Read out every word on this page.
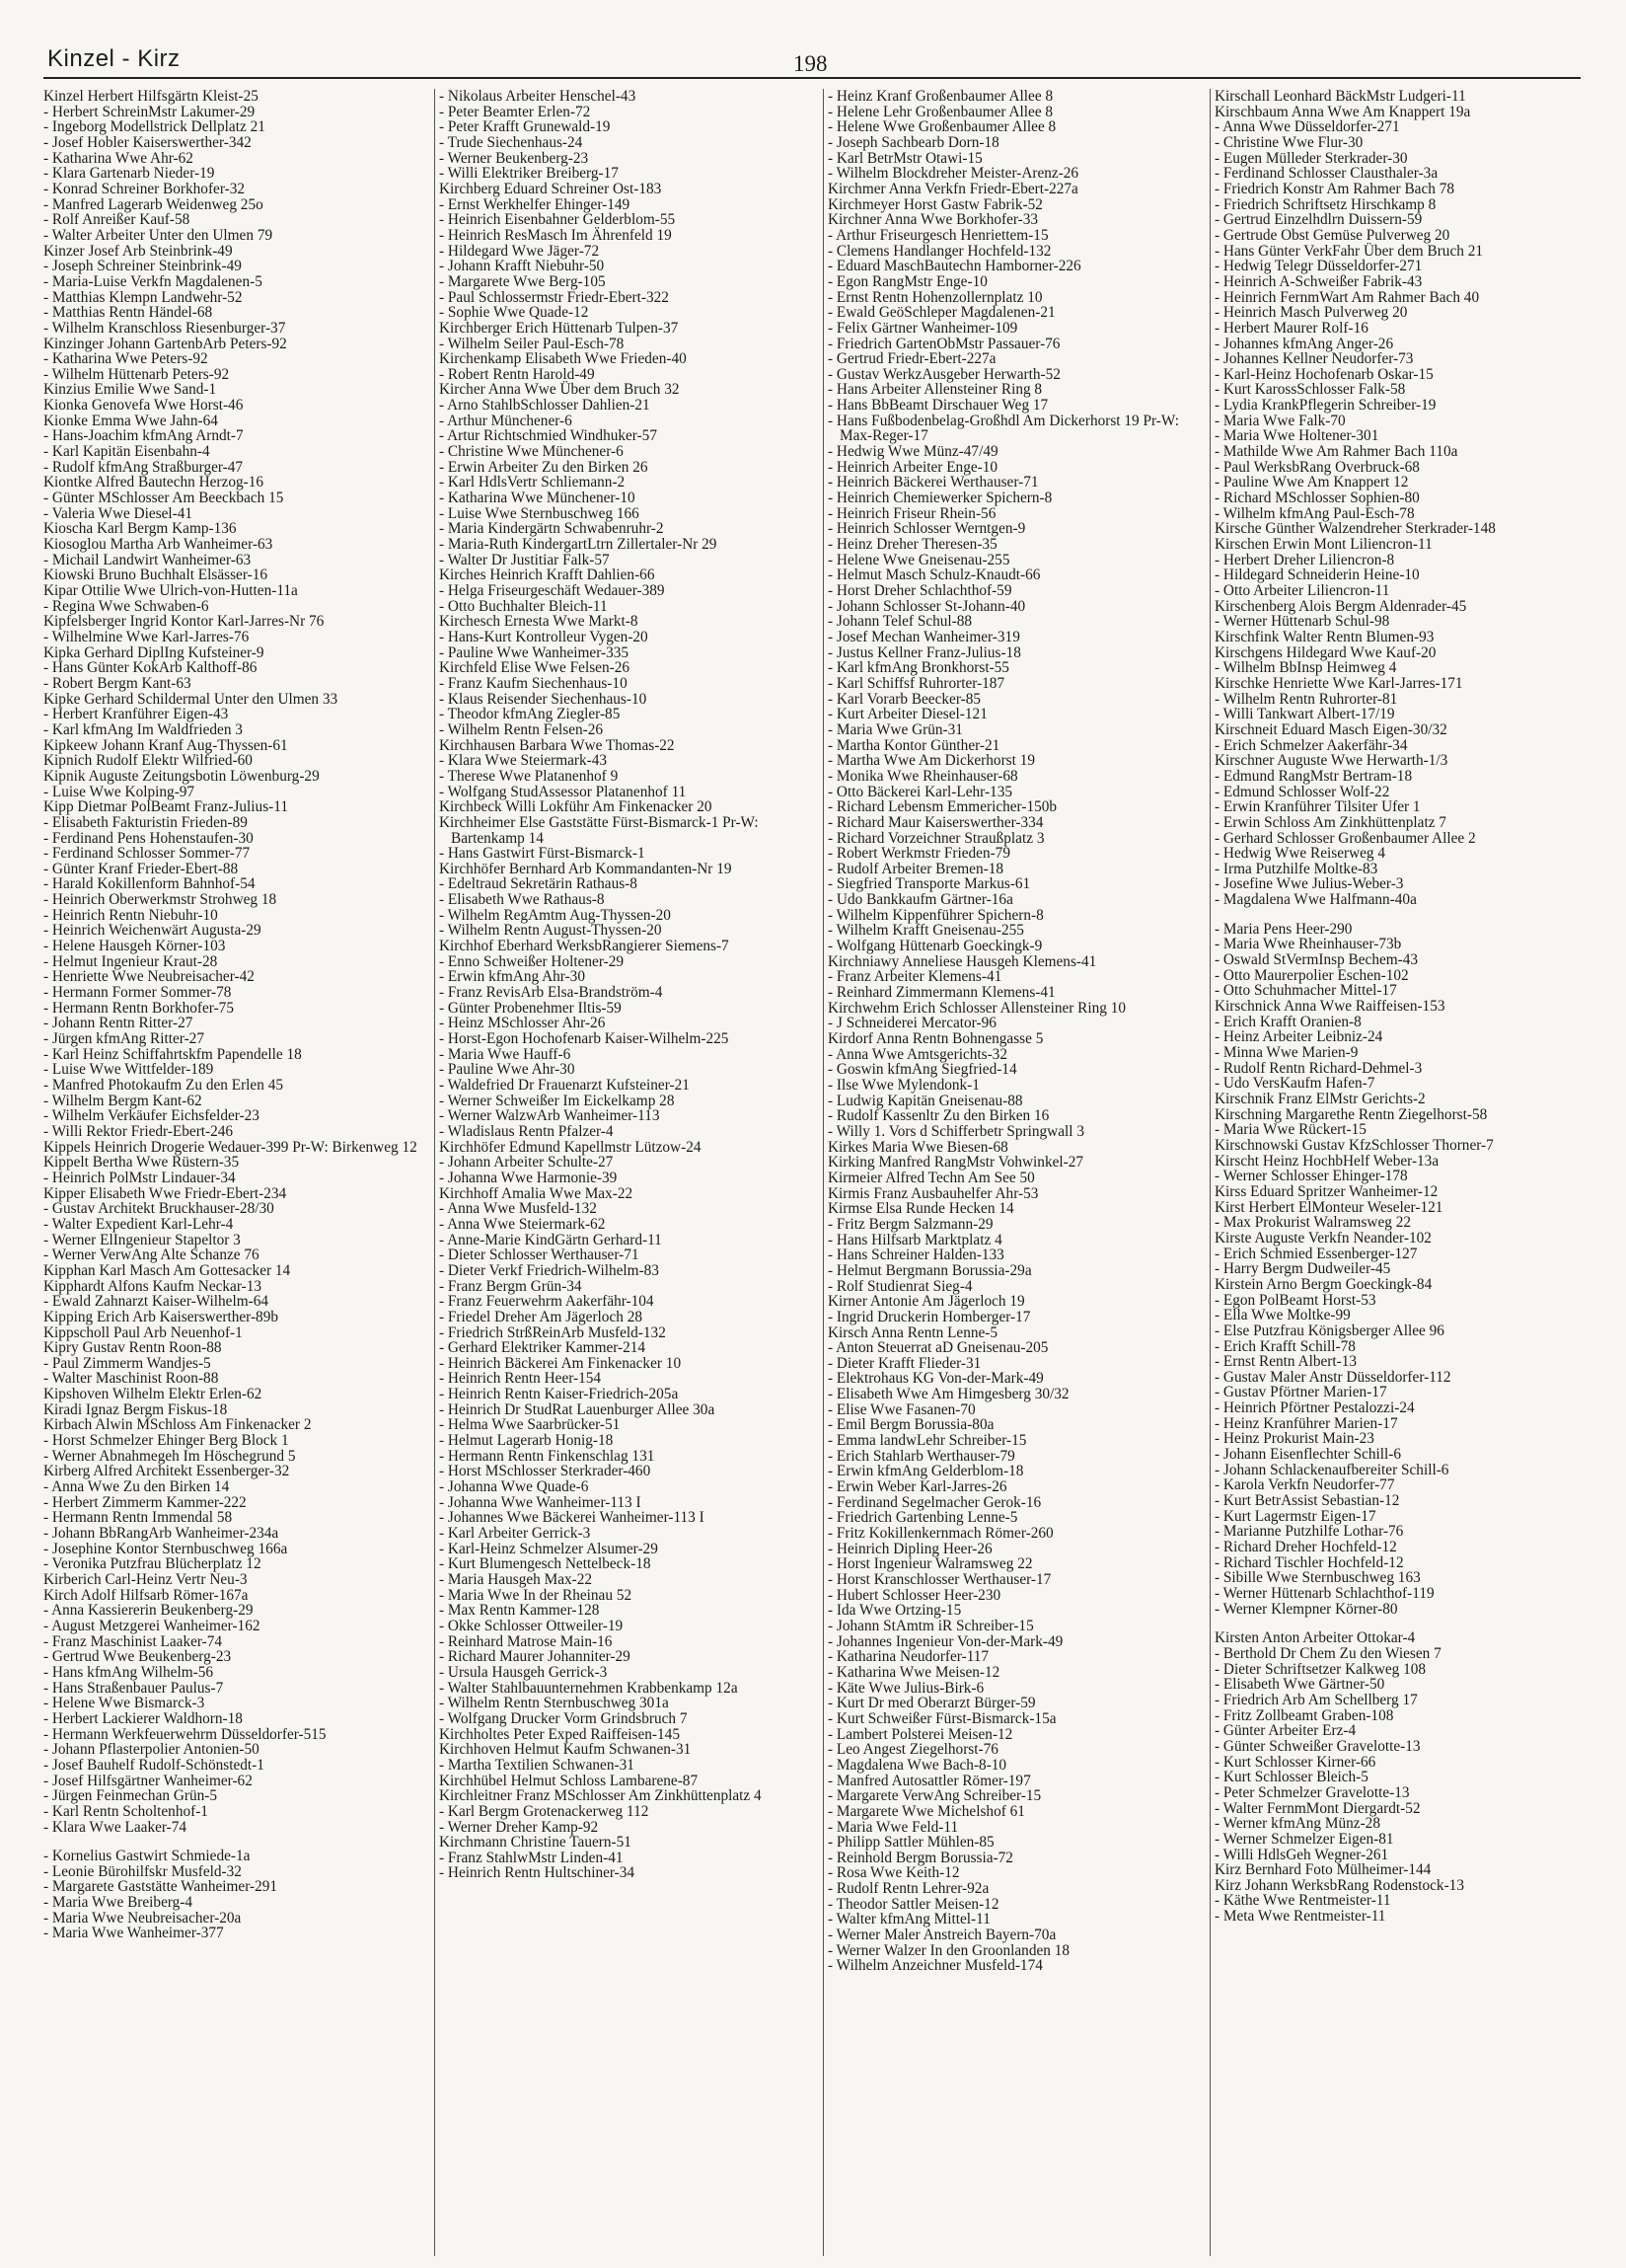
Kinzel - Kirz	198
Kinzel Herbert Hilfsgärtn Kleist-25
- Herbert SchreinMstr Lakumer-29
- Ingeborg Modellstrick Dellplatz 21
- Josef Hobler Kaiserswerther-342
- Katharina Wwe Ahr-62
- Klara Gartenarb Nieder-19
- Konrad Schreiner Borkhofer-32
- Manfred Lagerarb Weidenweg 25o
- Rolf Anreißer Kauf-58
- Walter Arbeiter Unter den Ulmen 79
Kinzer Josef Arb Steinbrink-49
- Joseph Schreiner Steinbrink-49
- Maria-Luise Verkfn Magdalenen-5
- Matthias Klempn Landwehr-52
- Matthias Rentn Händel-68
- Wilhelm Kranschloss Riesenburger-37
Kinzinger Johann GartenbArb Peters-92
- Katharina Wwe Peters-92
- Wilhelm Hüttenarb Peters-92
Kinzius Emilie Wwe Sand-1
Kionka Genovefa Wwe Horst-46
Kionke Emma Wwe Jahn-64
- Hans-Joachim kfmAng Arndt-7
- Karl Kapitän Eisenbahn-4
- Rudolf kfmAng Straßburger-47
Kiontke Alfred Bautechn Herzog-16
- Günter MSchlosser Am Beeckbach 15
- Valeria Wwe Diesel-41
Kioscha Karl Bergm Kamp-136
Kiosoglou Martha Arb Wanheimer-63
- Michail Landwirt Wanheimer-63
Kiowski Bruno Buchhalt Elsässer-16
Kipar Ottilie Wwe Ulrich-von-Hutten-11a
- Regina Wwe Schwaben-6
Kipfelsberger Ingrid Kontor Karl-Jarres-Nr 76
- Wilhelmine Wwe Karl-Jarres-76
Kipka Gerhard DiplIng Kufsteiner-9
- Hans Günter KokArb Kalthoff-86
- Robert Bergm Kant-63
Kipke Gerhard Schildermal Unter den Ulmen 33
- Herbert Kranführer Eigen-43
- Karl kfmAng Im Waldfrieden 3
Kipkeew Johann Kranf Aug-Thyssen-61
Kipnich Rudolf Elektr Wilfried-60
Kipnik Auguste Zeitungsbotin Löwenburg-29
- Luise Wwe Kolping-97
Kipp Dietmar PolBeamt Franz-Julius-11
- Elisabeth Fakturistin Frieden-89
- Ferdinand Pens Hohenstaufen-30
- Ferdinand Schlosser Sommer-77
- Günter Kranf Frieder-Ebert-88
- Harald Kokillenform Bahnhof-54
- Heinrich Oberwerkmstr Strohweg 18
- Heinrich Rentn Niebuhr-10
- Heinrich Weichenwärt Augusta-29
- Helene Hausgeh Körner-103
- Helmut Ingenieur Kraut-28
- Henriette Wwe Neubreisacher-42
- Hermann Former Sommer-78
- Hermann Rentn Borkhofer-75
- Johann Rentn Ritter-27
- Jürgen kfmAng Ritter-27
- Karl Heinz Schiffahrtskfm Papendelle 18
- Luise Wwe Wittfelder-189
- Manfred Photokaufm Zu den Erlen 45
- Wilhelm Bergm Kant-62
- Wilhelm Verkäufer Eichsfelder-23
- Willi Rektor Friedr-Ebert-246
Kippels Heinrich Drogerie Wedauer-399 Pr-W: Birkenweg 12
Kippelt Bertha Wwe Rüstern-35
- Heinrich PolMstr Lindauer-34
Kipper Elisabeth Wwe Friedr-Ebert-234
- Gustav Architekt Bruckhauser-28/30
- Walter Expedient Karl-Lehr-4
- Werner ElIngenieur Stapeltor 3
- Werner VerwAng Alte Schanze 76
Kipphan Karl Masch Am Gottesacker 14
Kipphardt Alfons Kaufm Neckar-13
- Ewald Zahnarzt Kaiser-Wilhelm-64
Kipping Erich Arb Kaiserswerther-89b
Kippscholl Paul Arb Neuenhof-1
Kipry Gustav Rentn Roon-88
- Paul Zimmerm Wandjes-5
- Walter Maschinist Roon-88
Kipshoven Wilhelm Elektr Erlen-62
Kiradi Ignaz Bergm Fiskus-18
Kirbach Alwin MSchloss Am Finkenacker 2
- Horst Schmelzer Ehinger Berg Block 1
- Werner Abnahmegeh Im Höschegrund 5
Kirberg Alfred Architekt Essenberger-32
- Anna Wwe Zu den Birken 14
- Herbert Zimmerm Kammer-222
- Hermann Rentn Immendal 58
- Johann BbRangArb Wanheimer-234a
- Josephine Kontor Sternbuschweg 166a
- Veronika Putzfrau Blücherplatz 12
Kirberich Carl-Heinz Vertr Neu-3
Kirch Adolf Hilfsarb Römer-167a
- Anna Kassiererin Beukenberg-29
- August Metzgerei Wanheimer-162
- Franz Maschinist Laaker-74
- Gertrud Wwe Beukenberg-23
- Hans kfmAng Wilhelm-56
- Hans Straßenbauer Paulus-7
- Helene Wwe Bismarck-3
- Herbert Lackierer Waldhorn-18
- Hermann Werkfeuerwehrm Düsseldorfer-515
- Johann Pflasterpolier Antonien-50
- Josef Bauhelf Rudolf-Schönstedt-1
- Josef Hilfsgärtner Wanheimer-62
- Jürgen Feinmechan Grün-5
- Karl Rentn Scholtenhof-1
- Klara Wwe Laaker-74
- Kornelius Gastwirt Schmiede-1a
- Leonie Bürohilfskr Musfeld-32
- Margarete Gaststätte Wanheimer-291
- Maria Wwe Breiberg-4
- Maria Wwe Neubreisacher-20a
- Maria Wwe Wanheimer-377
- Nikolaus Arbeiter Henschel-43
- Peter Beamter Erlen-72
- Peter Krafft Grunewald-19
- Trude Siechenhaus-24
- Werner Beukenberg-23
- Willi Elektriker Breiberg-17
Kirchberg Eduard Schreiner Ost-183
- Ernst Werkhelfer Ehinger-149
- Heinrich Eisenbahner Gelderblom-55
- Heinrich ResMasch Im Ährenfeld 19
- Hildegard Wwe Jäger-72
- Johann Krafft Niebuhr-50
- Margarete Wwe Berg-105
- Paul Schlossermstr Friedr-Ebert-322
- Sophie Wwe Quade-12
Kirchberger Erich Hüttenarb Tulpen-37
- Wilhelm Seiler Paul-Esch-78
Kirchenkamp Elisabeth Wwe Frieden-40
- Robert Rentn Harold-49
Kircher Anna Wwe Über dem Bruch 32
- Arno StahlbSchlosser Dahlien-21
- Arthur Münchener-6
- Artur Richtschmied Windhuker-57
- Christine Wwe Münchener-6
- Erwin Arbeiter Zu den Birken 26
- Karl HdlsVertr Schliemann-2
- Katharina Wwe Münchener-10
- Luise Wwe Sternbuschweg 166
- Maria Kindergärtn Schwabenruhr-2
- Maria-Ruth KindergartLtrn Zillertaler-Nr 29
- Walter Dr Justitiar Falk-57
Kirches Heinrich Krafft Dahlien-66
- Helga Friseurgeschäft Wedauer-389
- Otto Buchhalter Bleich-11
Kirchesch Ernesta Wwe Markt-8
- Hans-Kurt Kontrolleur Vygen-20
- Pauline Wwe Wanheimer-335
Kirchfeld Elise Wwe Felsen-26
- Franz Kaufm Siechenhaus-10
- Klaus Reisender Siechenhaus-10
- Theodor kfmAng Ziegler-85
- Wilhelm Rentn Felsen-26
Kirchhausen Barbara Wwe Thomas-22
- Klara Wwe Steiermark-43
- Therese Wwe Platanenhof 9
- Wolfgang StudAssessor Platanenhof 11
Kirchbeck Willi Lokführ Am Finkenacker 20
Kirchheimer Else Gaststätte Fürst-Bismarck-1 Pr-W: Bartenkamp 14
- Hans Gastwirt Fürst-Bismarck-1
Kirchhöfer Bernhard Arb Kommandanten-Nr 19
- Edeltraud Sekretärin Rathaus-8
- Elisabeth Wwe Rathaus-8
- Wilhelm RegAmtm Aug-Thyssen-20
- Wilhelm Rentn August-Thyssen-20
Kirchhof Eberhard WerksbRangierer Siemens-7
- Enno Schweißer Holtener-29
- Erwin kfmAng Ahr-30
- Franz RevisArb Elsa-Brandström-4
- Günter Probenehmer Iltis-59
- Heinz MSchlosser Ahr-26
- Horst-Egon Hochofenarb Kaiser-Wilhelm-225
- Maria Wwe Hauff-6
- Pauline Wwe Ahr-30
- Waldefried Dr Frauenarzt Kufsteiner-21
- Werner Schweißer Im Eickelkamp 28
- Werner WalzwArb Wanheimer-113
- Wladislaus Rentn Pfalzer-4
Kirchhöfer Edmund Kapellmstr Lützow-24
- Johann Arbeiter Schulte-27
- Johanna Wwe Harmonie-39
Kirchhoff Amalia Wwe Max-22
- Anna Wwe Musfeld-132
- Anna Wwe Steiermark-62
- Anne-Marie KindGärtn Gerhard-11
- Dieter Schlosser Werthauser-71
- Dieter Verkf Friedrich-Wilhelm-83
- Franz Bergm Grün-34
- Franz Feuerwehrm Aakerfähr-104
- Friedel Dreher Am Jägerloch 28
- Friedrich StrßReinArb Musfeld-132
- Gerhard Elektriker Kammer-214
- Heinrich Bäckerei Am Finkenacker 10
- Heinrich Rentn Heer-154
- Heinrich Rentn Kaiser-Friedrich-205a
- Heinrich Dr StudRat Lauenburger Allee 30a
- Helma Wwe Saarbrücker-51
- Helmut Lagerarb Honig-18
- Hermann Rentn Finkenschlag 131
- Horst MSchlosser Sterkrader-460
- Johanna Wwe Quade-6
- Johanna Wwe Wanheimer-113 I
- Johannes Wwe Bäckerei Wanheimer-113 I
- Karl Arbeiter Gerrick-3
- Karl-Heinz Schmelzer Alsumer-29
- Kurt Blumengesch Nettelbeck-18
- Maria Hausgeh Max-22
- Maria Wwe In der Rheinau 52
- Max Rentn Kammer-128
- Okke Schlosser Ottweiler-19
- Reinhard Matrose Main-16
- Richard Maurer Johanniter-29
- Ursula Hausgeh Gerrick-3
- Walter Stahlbauunternehmen Krabbenkamp 12a
- Wilhelm Rentn Sternbuschweg 301a
- Wolfgang Drucker Vorm Grindsbruch 7
Kirchholtes Peter Exped Raiffeisen-145
Kirchhoven Helmut Kaufm Schwanen-31
- Martha Textilien Schwanen-31
Kirchhübel Helmut Schloss Lambarene-87
Kirchleitner Franz MSchlosser Am Zinkhüttenplatz 4
- Karl Bergm Grotenackerweg 112
- Werner Dreher Kamp-92
Kirchmann Christine Tauern-51
- Franz StahlwMstr Linden-41
- Heinrich Rentn Hultschiner-34
- Heinz Kranf Großenbaumer Allee 8
- Helene Lehr Großenbaumer Allee 8
- Helene Wwe Großenbaumer Allee 8
- Joseph Sachbearb Dorn-18
- Karl BetrMstr Otawi-15
- Wilhelm Blockdreher Meister-Arenz-26
Kirchmer Anna Verkfn Friedr-Ebert-227a
Kirchmeyer Horst Gastw Fabrik-52
Kirchner Anna Wwe Borkhofer-33
- Arthur Friseurgesch Henriettem-15
- Clemens Handlanger Hochfeld-132
- Eduard MaschBautechn Hamborner-226
- Egon RangMstr Enge-10
- Ernst Rentn Hohenzollernplatz 10
- Ewald GeöSchleper Magdalenen-21
- Felix Gärtner Wanheimer-109
- Friedrich GartenObMstr Passauer-76
- Gertrud Friedr-Ebert-227a
- Gustav WerkzAusgeber Herwarth-52
- Hans Arbeiter Allensteiner Ring 8
- Hans BbBeamt Dirschauer Weg 17
- Hans Fußbodenbelag-Großhdl Am Dickerhorst 19 Pr-W: Max-Reger-17
- Hedwig Wwe Münz-47/49
- Heinrich Arbeiter Enge-10
- Heinrich Bäckerei Werthauser-71
- Heinrich Chemiewerker Spichern-8
- Heinrich Friseur Rhein-56
- Heinrich Schlosser Werntgen-9
- Heinz Dreher Theresen-35
- Helene Wwe Gneisenau-255
- Helmut Masch Schulz-Knaudt-66
- Horst Dreher Schlachthof-59
- Johann Schlosser St-Johann-40
- Johann Telef Schul-88
- Josef Mechan Wanheimer-319
- Justus Kellner Franz-Julius-18
- Karl kfmAng Bronkhorst-55
- Karl Schiffsf Ruhrorter-187
- Karl Vorarb Beecker-85
- Kurt Arbeiter Diesel-121
- Maria Wwe Grün-31
- Martha Kontor Günther-21
- Martha Wwe Am Dickerhorst 19
- Monika Wwe Rheinhauser-68
- Otto Bäckerei Karl-Lehr-135
- Richard Lebensm Emmericher-150b
- Richard Maur Kaiserswerther-334
- Richard Vorzeichner Straußplatz 3
- Robert Werkmstr Frieden-79
- Rudolf Arbeiter Bremen-18
- Siegfried Transporte Markus-61
- Udo Bankkaufm Gärtner-16a
- Wilhelm Kippenführer Spichern-8
- Wilhelm Krafft Gneisenau-255
- Wolfgang Hüttenarb Goeckingk-9
Kirchniawy Anneliese Hausgeh Klemens-41
- Franz Arbeiter Klemens-41
- Reinhard Zimmermann Klemens-41
Kirchwehm Erich Schlosser Allensteiner Ring 10
- J Schneiderei Mercator-96
Kirdorf Anna Rentn Bohnengasse 5
- Anna Wwe Amtsgerichts-32
- Goswin kfmAng Siegfried-14
- Ilse Wwe Mylendonk-1
- Ludwig Kapitän Gneisenau-88
- Rudolf Kassenltr Zu den Birken 16
- Willy 1. Vors d Schifferbetr Springwall 3
Kirkes Maria Wwe Biesen-68
Kirking Manfred RangMstr Vohwinkel-27
Kirmeier Alfred Techn Am See 50
Kirmis Franz Ausbauhelfer Ahr-53
Kirmse Elsa Runde Hecken 14
- Fritz Bergm Salzmann-29
- Hans Hilfsarb Marktplatz 4
- Hans Schreiner Halden-133
- Helmut Bergmann Borussia-29a
- Rolf Studienrat Sieg-4
Kirner Antonie Am Jägerloch 19
- Ingrid Druckerin Homberger-17
Kirsch Anna Rentn Lenne-5
- Anton Steuerrat aD Gneisenau-205
- Dieter Krafft Flieder-31
- Elektrohaus KG Von-der-Mark-49
- Elisabeth Wwe Am Himgesberg 30/32
- Elise Wwe Fasanen-70
- Emil Bergm Borussia-80a
- Emma landwLehr Schreiber-15
- Erich Stahlarb Werthauser-79
- Erwin kfmAng Gelderblom-18
- Erwin Weber Karl-Jarres-26
- Ferdinand Segelmacher Gerok-16
- Friedrich Gartenbing Lenne-5
- Fritz Kokillenkernmach Römer-260
- Heinrich Dipling Heer-26
- Horst Ingenieur Walramsweg 22
- Horst Kranschlosser Werthauser-17
- Hubert Schlosser Heer-230
- Ida Wwe Ortzing-15
- Johann StAmtm iR Schreiber-15
- Johannes Ingenieur Von-der-Mark-49
- Katharina Neudorfer-117
- Katharina Wwe Meisen-12
- Käte Wwe Julius-Birk-6
- Kurt Dr med Oberarzt Bürger-59
- Kurt Schweißer Fürst-Bismarck-15a
- Lambert Polsterei Meisen-12
- Leo Angest Ziegelhorst-76
- Magdalena Wwe Bach-8-10
- Manfred Autosattler Römer-197
- Margarete VerwAng Schreiber-15
- Margarete Wwe Michelshof 61
- Maria Wwe Feld-11
- Philipp Sattler Mühlen-85
- Reinhold Bergm Borussia-72
- Rosa Wwe Keith-12
- Rudolf Rentn Lehrer-92a
- Theodor Sattler Meisen-12
- Walter kfmAng Mittel-11
- Werner Maler Anstreich Bayern-70a
- Werner Walzer In den Groonlanden 18
- Wilhelm Anzeichner Musfeld-174
Kirschall Leonhard BäckMstr Ludgeri-11
Kirschbaum Anna Wwe Am Knappert 19a
- Anna Wwe Düsseldorfer-271
- Christine Wwe Flur-30
- Eugen Mülleder Sterkrader-30
- Ferdinand Schlosser Clausthaler-3a
- Friedrich Konstr Am Rahmer Bach 78
- Friedrich Schriftsetz Hirschkamp 8
- Gertrud Einzelhdlrn Duissern-59
- Gertrude Obst Gemüse Pulverweg 20
- Hans Günter VerkFahr Über dem Bruch 21
- Hedwig Telegr Düsseldorfer-271
- Heinrich A-Schweißer Fabrik-43
- Heinrich FernmWart Am Rahmer Bach 40
- Heinrich Masch Pulverweg 20
- Herbert Maurer Rolf-16
- Johannes kfmAng Anger-26
- Johannes Kellner Neudorfer-73
- Karl-Heinz Hochofenarb Oskar-15
- Kurt KarossSchlosser Falk-58
- Lydia KrankPflegerin Schreiber-19
- Maria Wwe Falk-70
- Maria Wwe Holtener-301
- Mathilde Wwe Am Rahmer Bach 110a
- Paul WerksbRang Overbruck-68
- Pauline Wwe Am Knappert 12
- Richard MSchlosser Sophien-80
- Wilhelm kfmAng Paul-Esch-78
Kirsche Günther Walzendreher Sterkrader-148
Kirschen Erwin Mont Liliencron-11
- Herbert Dreher Liliencron-8
- Hildegard Schneiderin Heine-10
- Otto Arbeiter Liliencron-11
Kirschenberg Alois Bergm Aldenrader-45
- Werner Hüttenarb Schul-98
Kirschfink Walter Rentn Blumen-93
Kirschgens Hildegard Wwe Kauf-20
- Wilhelm BbInsp Heimweg 4
Kirschke Henriette Wwe Karl-Jarres-171
- Wilhelm Rentn Ruhrorter-81
- Willi Tankwart Albert-17/19
Kirschneit Eduard Masch Eigen-30/32
- Erich Schmelzer Aakerfähr-34
Kirschner Auguste Wwe Herwarth-1/3
- Edmund RangMstr Bertram-18
- Edmund Schlosser Wolf-22
- Erwin Kranführer Tilsiter Ufer 1
- Erwin Schloss Am Zinkhüttenplatz 7
- Gerhard Schlosser Großenbaumer Allee 2
- Hedwig Wwe Reiserweg 4
- Irma Putzhilfe Moltke-83
- Josefine Wwe Julius-Weber-3
- Magdalena Wwe Halfmann-40a
- Maria Pens Heer-290
- Maria Wwe Rheinhauser-73b
- Oswald StVermInsp Bechem-43
- Otto Maurerpolier Eschen-102
- Otto Schuhmacher Mittel-17
Kirschnick Anna Wwe Raiffeisen-153
- Erich Krafft Oranien-8
- Heinz Arbeiter Leibniz-24
- Minna Wwe Marien-9
- Rudolf Rentn Richard-Dehmel-3
- Udo VersKaufm Hafen-7
Kirschnik Franz ElMstr Gerichts-2
Kirschning Margarethe Rentn Ziegelhorst-58
- Maria Wwe Rückert-15
Kirschnowski Gustav KfzSchlosser Thorner-7
Kirscht Heinz HochbHelf Weber-13a
- Werner Schlosser Ehinger-178
Kirss Eduard Spritzer Wanheimer-12
Kirst Herbert ElMonteur Weseler-121
- Max Prokurist Walramsweg 22
Kirste Auguste Verkfn Neander-102
- Erich Schmied Essenberger-127
- Harry Bergm Dudweiler-45
Kirstein Arno Bergm Goeckingk-84
- Egon PolBeamt Horst-53
- Ella Wwe Moltke-99
- Else Putzfrau Königsberger Allee 96
- Erich Krafft Schill-78
- Ernst Rentn Albert-13
- Gustav Maler Anstr Düsseldorfer-112
- Gustav Pförtner Marien-17
- Heinrich Pförtner Pestalozzi-24
- Heinz Kranführer Marien-17
- Heinz Prokurist Main-23
- Johann Eisenflechter Schill-6
- Johann Schlackenaufbereiter Schill-6
- Karola Verkfn Neudorfer-77
- Kurt BetrAssist Sebastian-12
- Kurt Lagermstr Eigen-17
- Marianne Putzhilfe Lothar-76
- Richard Dreher Hochfeld-12
- Richard Tischler Hochfeld-12
- Sibille Wwe Sternbuschweg 163
- Werner Hüttenarb Schlachthof-119
- Werner Klempner Körner-80
Kirsten Anton Arbeiter Ottokar-4
- Berthold Dr Chem Zu den Wiesen 7
- Dieter Schriftsetzer Kalkweg 108
- Elisabeth Wwe Gärtner-50
- Friedrich Arb Am Schellberg 17
- Fritz Zollbeamt Graben-108
- Günter Arbeiter Erz-4
- Günter Schweißer Gravelotte-13
- Kurt Schlosser Kirner-66
- Kurt Schlosser Bleich-5
- Peter Schmelzer Gravelotte-13
- Walter FernmMont Diergardt-52
- Werner kfmAng Münz-28
- Werner Schmelzer Eigen-81
- Willi HdlsGeh Wegner-261
Kirz Bernhard Foto Mülheimer-144
Kirz Johann WerksbRang Rodenstock-13
- Käthe Wwe Rentmeister-11
- Meta Wwe Rentmeister-11
